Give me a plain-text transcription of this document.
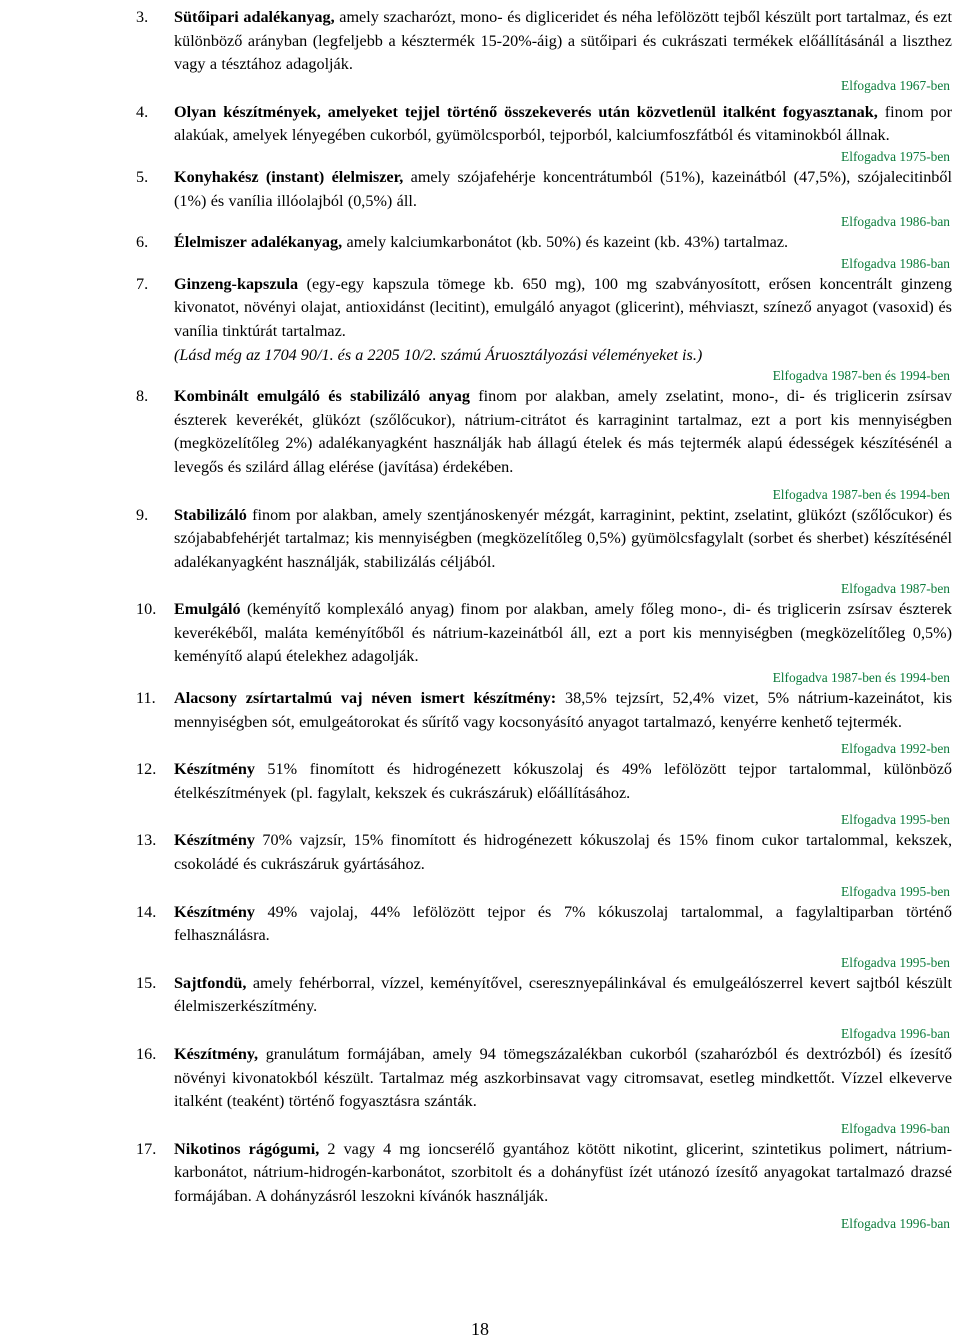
3. Sütőipari adalékanyag, amely szacharózt, mono- és digliceridet és néha lefölözött tejből készült port tartalmaz, és ezt különböző arányban (legfeljebb a késztermék 15-20%-áig) a sütőipari és cukrászati termékek előállításánál a liszthez vagy a tésztához adagolják.
Elfogadva 1967-ben
4. Olyan készítmények, amelyeket tejjel történő összekeverés után közvetlenül italként fogyasztanak, finom por alakúak, amelyek lényegében cukorból, gyümölcsporból, tejporból, kalciumfoszfátból és vitaminokból állnak.
Elfogadva 1975-ben
5. Konyhakész (instant) élelmiszer, amely szójafehérje koncentrátumból (51%), kazeinátból (47,5%), szójalecitinből (1%) és vanília illóolajból (0,5%) áll.
Elfogadva 1986-ban
6. Élelmiszer adalékanyag, amely kalciumkarbonátot (kb. 50%) és kazeint (kb. 43%) tartalmaz.
Elfogadva 1986-ban
7. Ginzeng-kapszula (egy-egy kapszula tömege kb. 650 mg), 100 mg szabványosított, erősen koncentrált ginzeng kivonatot, növényi olajat, antioxidánst (lecitint), emulgáló anyagot (glicerint), méhviaszt, színező anyagot (vasoxid) és vanília tinktúrát tartalmaz.
(Lásd még az 1704 90/1. és a 2205 10/2. számú Áruosztályozási véleményeket is.)
Elfogadva 1987-ben és 1994-ben
8. Kombinált emulgáló és stabilizáló anyag finom por alakban, amely zselatint, mono-, di- és triglicerin zsírsav észterek keverékét, glükózt (szőlőcukor), nátrium-citrátot és karraginint tartalmaz, ezt a port kis mennyiségben (megközelítőleg 2%) adalékanyagként használják hab állagú ételek és más tejtermék alapú édességek készítésénél a levegős és szilárd állag elérése (javítása) érdekében.
Elfogadva 1987-ben és 1994-ben
9. Stabilizáló finom por alakban, amely szentjánoskenyér mézgát, karraginint, pektint, zselatint, glükózt (szőlőcukor) és szójababfehérjét tartalmaz; kis mennyiségben (megközelítőleg 0,5%) gyümölcsfagylalt (sorbet és sherbet) készítésénél adalékanyagként használják, stabilizálás céljából.
Elfogadva 1987-ben
10. Emulgáló (keményítő komplexáló anyag) finom por alakban, amely főleg mono-, di- és triglicerin zsírsav észterek keverékéből, maláta keményítőből és nátrium-kazeinátból áll, ezt a port kis mennyiségben (megközelítőleg 0,5%) keményítő alapú ételekhez adagolják.
Elfogadva 1987-ben és 1994-ben
11. Alacsony zsírtartalmú vaj néven ismert készítmény: 38,5% tejzsírt, 52,4% vizet, 5% nátrium-kazeinátot, kis mennyiségben sót, emulgeátorokat és sűrítő vagy kocsonyásító anyagot tartalmazó, kenyérre kenhető tejtermék.
Elfogadva 1992-ben
12. Készítmény 51% finomított és hidrogénezett kókuszolaj és 49% lefölözött tejpor tartalommal, különböző ételkészítmények (pl. fagylalt, kekszek és cukrászáruk) előállításához.
Elfogadva 1995-ben
13. Készítmény 70% vajzsír, 15% finomított és hidrogénezett kókuszolaj és 15% finom cukor tartalommal, kekszek, csokoládé és cukrászáruk gyártásához.
Elfogadva 1995-ben
14. Készítmény 49% vajolaj, 44% lefölözött tejpor és 7% kókuszolaj tartalommal, a fagylaltiparban történő felhasználásra.
Elfogadva 1995-ben
15. Sajtfondü, amely fehérborral, vízzel, keményítővel, cseresznyepálinkával és emulgeálószerrel kevert sajtból készült élelmiszerkészítmény.
Elfogadva 1996-ban
16. Készítmény, granulátum formájában, amely 94 tömegszázalékban cukorból (szaharózból és dextrózból) és ízesítő növényi kivonatokból készült. Tartalmaz még aszkorbinsavat vagy citromsavat, esetleg mindkettőt. Vízzel elkeverve italként (teaként) történő fogyasztásra szánták.
Elfogadva 1996-ban
17. Nikotinos rágógumi, 2 vagy 4 mg ioncserélő gyantához kötött nikotint, glicerint, szintetikus polimert, nátrium-karbonátot, nátrium-hidrogén-karbonátot, szorbitolt és a dohányfüst ízét utánozó ízesítő anyagokat tartalmazó drazsé formájában. A dohányzásról leszokni kívánók használják.
Elfogadva 1996-ban
18
